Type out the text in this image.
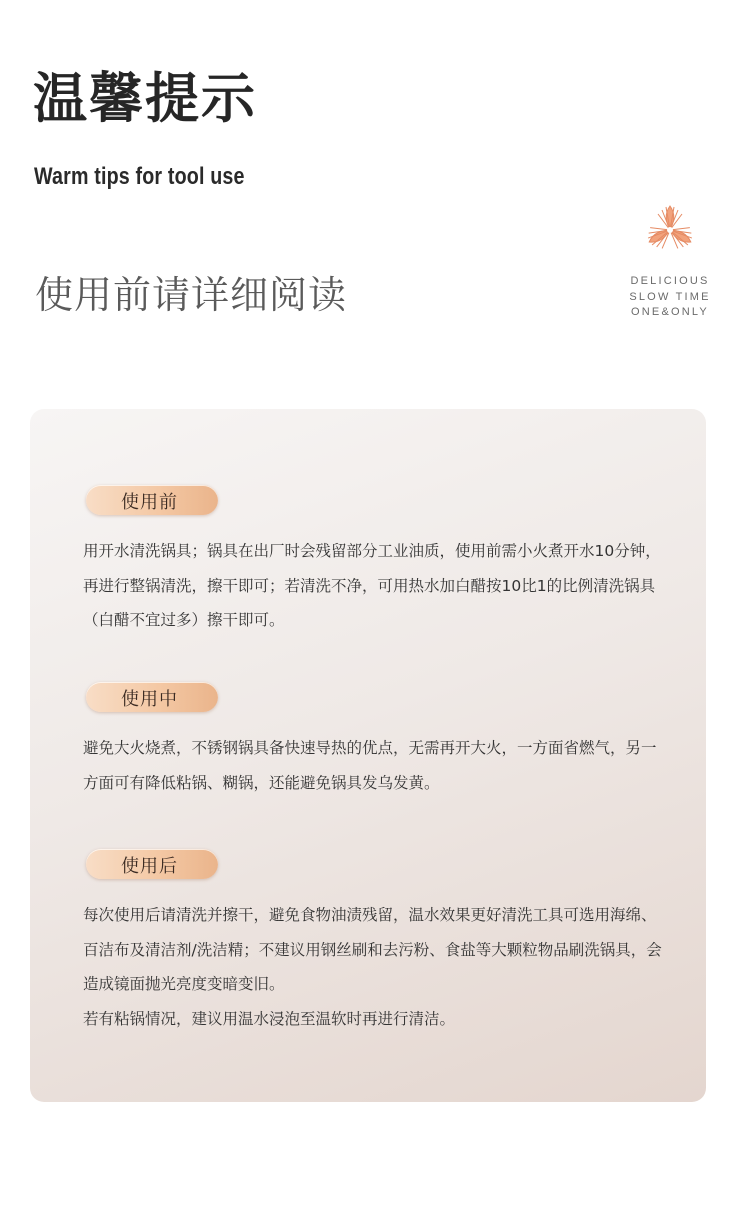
温馨提示
Warm tips for tool use
使用前请详细阅读	DELICIOUS
SLOW TIME
ONE&ONLY
使用前

用开水清洗锅具；锅具在出厂时会残留部分工业油质，使用前需小火煮开水10分钟，再进行整锅清洗，擦干即可；若清洗不净，可用热水加白醋按10比1的比例清洗锅具（白醋不宜过多）擦干即可。

使用中

避免大火烧煮，不锈钢锅具备快速导热的优点，无需再开大火，一方面省燃气，另一方面可有降低粘锅、糊锅，还能避免锅具发乌发黄。

使用后

每次使用后请清洗并擦干，避免食物油渍残留，温水效果更好清洗工具可选用海绵、百洁布及清洁剂/洗洁精；不建议用钢丝刷和去污粉、食盐等大颗粒物品刷洗锅具，会造成镜面抛光亮度变暗变旧。

若有粘锅情况，建议用温水浸泡至温软时再进行清洁。
